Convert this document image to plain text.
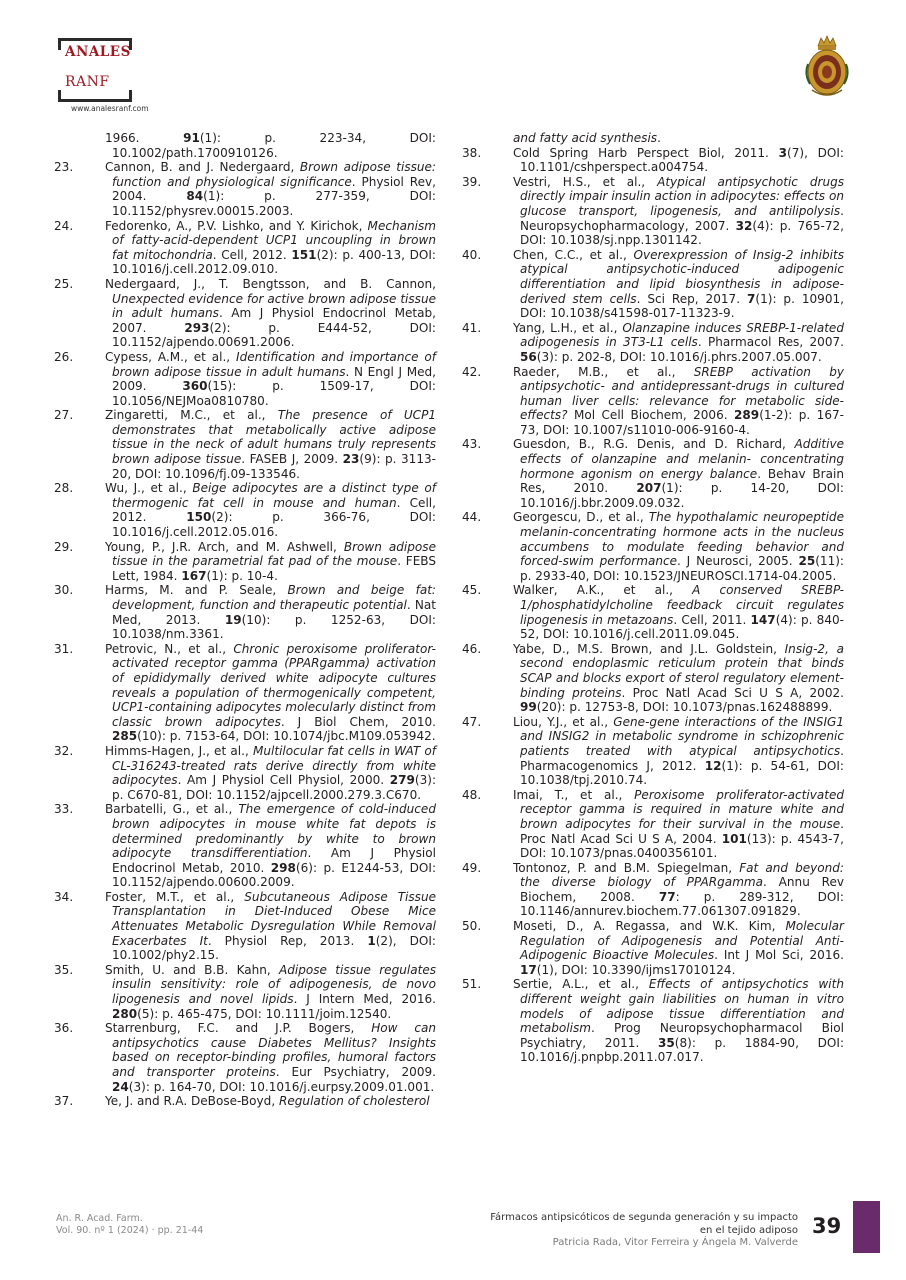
ANALES
RANF
www.analesranf.com
1966. 91(1): p. 223-34, DOI: 10.1002/path.1700910126.
23.	Cannon, B. and J. Nedergaard, Brown adipose tissue: function and physiological significance. Physiol Rev, 2004. 84(1): p. 277-359, DOI: 10.1152/physrev.00015.2003.
24.	Fedorenko, A., P.V. Lishko, and Y. Kirichok, Mechanism of fatty-acid-dependent UCP1 uncoupling in brown fat mitochondria. Cell, 2012. 151(2): p. 400-13, DOI: 10.1016/j.cell.2012.09.010.
25.	Nedergaard, J., T. Bengtsson, and B. Cannon, Unexpected evidence for active brown adipose tissue in adult humans. Am J Physiol Endocrinol Metab, 2007. 293(2): p. E444-52, DOI: 10.1152/ajpendo.00691.2006.
26.	Cypess, A.M., et al., Identification and importance of brown adipose tissue in adult humans. N Engl J Med, 2009. 360(15): p. 1509-17, DOI: 10.1056/NEJMoa0810780.
27.	Zingaretti, M.C., et al., The presence of UCP1 demonstrates that metabolically active adipose tissue in the neck of adult humans truly represents brown adipose tissue. FASEB J, 2009. 23(9): p. 3113-20, DOI: 10.1096/fj.09-133546.
28.	Wu, J., et al., Beige adipocytes are a distinct type of thermogenic fat cell in mouse and human. Cell, 2012. 150(2): p. 366-76, DOI: 10.1016/j.cell.2012.05.016.
29.	Young, P., J.R. Arch, and M. Ashwell, Brown adipose tissue in the parametrial fat pad of the mouse. FEBS Lett, 1984. 167(1): p. 10-4.
30.	Harms, M. and P. Seale, Brown and beige fat: development, function and therapeutic potential. Nat Med, 2013. 19(10): p. 1252-63, DOI: 10.1038/nm.3361.
31.	Petrovic, N., et al., Chronic peroxisome proliferator-activated receptor gamma (PPARgamma) activation of epididymally derived white adipocyte cultures reveals a population of thermogenically competent, UCP1-containing adipocytes molecularly distinct from classic brown adipocytes. J Biol Chem, 2010. 285(10): p. 7153-64, DOI: 10.1074/jbc.M109.053942.
32.	Himms-Hagen, J., et al., Multilocular fat cells in WAT of CL-316243-treated rats derive directly from white adipocytes. Am J Physiol Cell Physiol, 2000. 279(3): p. C670-81, DOI: 10.1152/ajpcell.2000.279.3.C670.
33.	Barbatelli, G., et al., The emergence of cold-induced brown adipocytes in mouse white fat depots is determined predominantly by white to brown adipocyte transdifferentiation. Am J Physiol Endocrinol Metab, 2010. 298(6): p. E1244-53, DOI: 10.1152/ajpendo.00600.2009.
34.	Foster, M.T., et al., Subcutaneous Adipose Tissue Transplantation in Diet-Induced Obese Mice Attenuates Metabolic Dysregulation While Removal Exacerbates It. Physiol Rep, 2013. 1(2), DOI: 10.1002/phy2.15.
35.	Smith, U. and B.B. Kahn, Adipose tissue regulates insulin sensitivity: role of adipogenesis, de novo lipogenesis and novel lipids. J Intern Med, 2016. 280(5): p. 465-475, DOI: 10.1111/joim.12540.
36.	Starrenburg, F.C. and J.P. Bogers, How can antipsychotics cause Diabetes Mellitus? Insights based on receptor-binding profiles, humoral factors and transporter proteins. Eur Psychiatry, 2009. 24(3): p. 164-70, DOI: 10.1016/j.eurpsy.2009.01.001.
37.	Ye, J. and R.A. DeBose-Boyd, Regulation of cholesterol
and fatty acid synthesis.
38.	Cold Spring Harb Perspect Biol, 2011. 3(7), DOI: 10.1101/cshperspect.a004754.
39.	Vestri, H.S., et al., Atypical antipsychotic drugs directly impair insulin action in adipocytes: effects on glucose transport, lipogenesis, and antilipolysis. Neuropsychopharmacology, 2007. 32(4): p. 765-72, DOI: 10.1038/sj.npp.1301142.
40.	Chen, C.C., et al., Overexpression of Insig-2 inhibits atypical antipsychotic-induced adipogenic differentiation and lipid biosynthesis in adipose-derived stem cells. Sci Rep, 2017. 7(1): p. 10901, DOI: 10.1038/s41598-017-11323-9.
41.	Yang, L.H., et al., Olanzapine induces SREBP-1-related adipogenesis in 3T3-L1 cells. Pharmacol Res, 2007. 56(3): p. 202-8, DOI: 10.1016/j.phrs.2007.05.007.
42.	Raeder, M.B., et al., SREBP activation by antipsychotic- and antidepressant-drugs in cultured human liver cells: relevance for metabolic side-effects? Mol Cell Biochem, 2006. 289(1-2): p. 167-73, DOI: 10.1007/s11010-006-9160-4.
43.	Guesdon, B., R.G. Denis, and D. Richard, Additive effects of olanzapine and melanin- concentrating hormone agonism on energy balance. Behav Brain Res, 2010. 207(1): p. 14-20, DOI: 10.1016/j.bbr.2009.09.032.
44.	Georgescu, D., et al., The hypothalamic neuropeptide melanin-concentrating hormone acts in the nucleus accumbens to modulate feeding behavior and forced-swim performance. J Neurosci, 2005. 25(11): p. 2933-40, DOI: 10.1523/JNEUROSCI.1714-04.2005.
45.	Walker, A.K., et al., A conserved SREBP-1/phosphatidylcholine feedback circuit regulates lipogenesis in metazoans. Cell, 2011. 147(4): p. 840-52, DOI: 10.1016/j.cell.2011.09.045.
46.	Yabe, D., M.S. Brown, and J.L. Goldstein, Insig-2, a second endoplasmic reticulum protein that binds SCAP and blocks export of sterol regulatory element-binding proteins. Proc Natl Acad Sci U S A, 2002. 99(20): p. 12753-8, DOI: 10.1073/pnas.162488899.
47.	Liou, Y.J., et al., Gene-gene interactions of the INSIG1 and INSIG2 in metabolic syndrome in schizophrenic patients treated with atypical antipsychotics. Pharmacogenomics J, 2012. 12(1): p. 54-61, DOI: 10.1038/tpj.2010.74.
48.	Imai, T., et al., Peroxisome proliferator-activated receptor gamma is required in mature white and brown adipocytes for their survival in the mouse. Proc Natl Acad Sci U S A, 2004. 101(13): p. 4543-7, DOI: 10.1073/pnas.0400356101.
49.	Tontonoz, P. and B.M. Spiegelman, Fat and beyond: the diverse biology of PPARgamma. Annu Rev Biochem, 2008. 77: p. 289-312, DOI: 10.1146/annurev.biochem.77.061307.091829.
50.	Moseti, D., A. Regassa, and W.K. Kim, Molecular Regulation of Adipogenesis and Potential Anti-Adipogenic Bioactive Molecules. Int J Mol Sci, 2016. 17(1), DOI: 10.3390/ijms17010124.
51.	Sertie, A.L., et al., Effects of antipsychotics with different weight gain liabilities on human in vitro models of adipose tissue differentiation and metabolism. Prog Neuropsychopharmacol Biol Psychiatry, 2011. 35(8): p. 1884-90, DOI: 10.1016/j.pnpbp.2011.07.017.
An. R. Acad. Farm.
Vol. 90. nº 1 (2024) · pp. 21-44
Fármacos antipsicóticos de segunda generación y su impacto
en el tejido adiposo
Patricia Rada, Vitor Ferreira y Ángela M. Valverde
39
